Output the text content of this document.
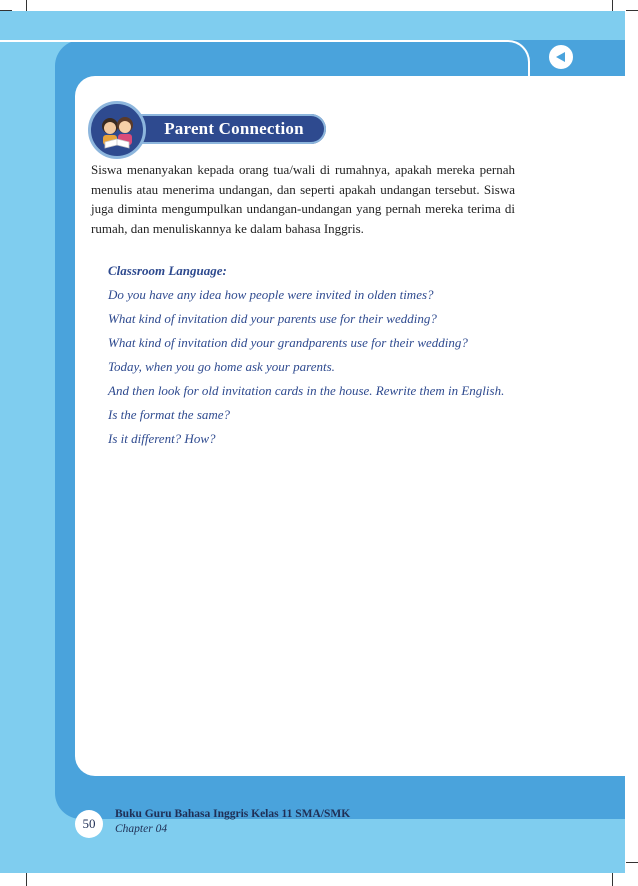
Parent Connection

Siswa menanyakan kepada orang tua/wali di rumahnya, apakah mereka pernah menulis atau menerima undangan, dan seperti apakah undangan tersebut. Siswa juga diminta mengumpulkan undangan-undangan yang pernah mereka terima di rumah, dan menuliskannya ke dalam bahasa Inggris.

Classroom Language:
Do you have any idea how people were invited in olden times?
What kind of invitation did your parents use for their wedding?
What kind of invitation did your grandparents use for their wedding?
Today, when you go home ask your parents.
And then look for old invitation cards in the house. Rewrite them in English.
Is the format the same?
Is it different? How?
50
Buku Guru Bahasa Inggris Kelas 11 SMA/SMK
Chapter 04
